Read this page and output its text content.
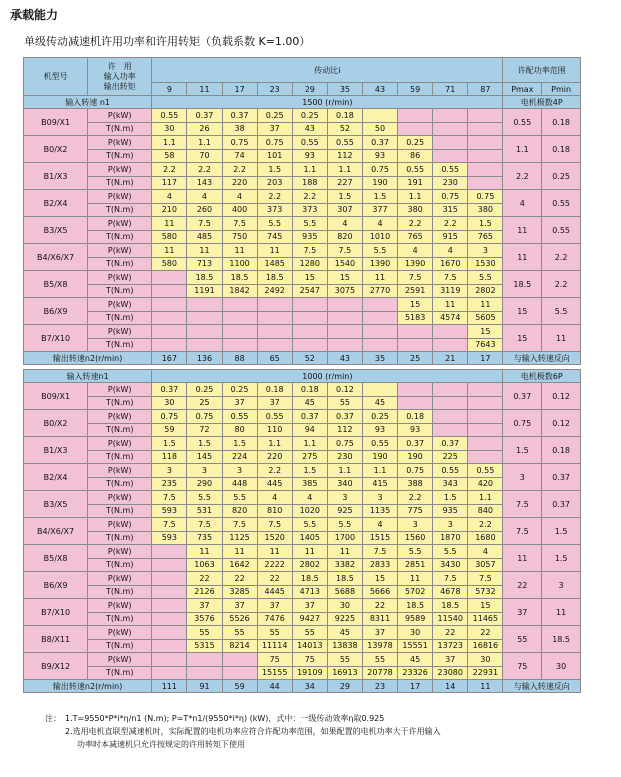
承载能力
单级传动减速机许用功率和许用转矩（负载系数 K=1.00）
机型号	许　用
输入功率
输出转矩	传动比i										许配功率范围	
		9	11	17	23	29	35	43	59	71	87	Pmax	Pmin
输入转速 n1		1500 (r/min)										电机极数4P	
B09/X1	P(kW)	0.55	0.37	0.37	0.25	0.25	0.18					0.55	0.18
	T(N.m)	30	26	38	37	43	52	50					
B0/X2	P(kW)	1.1	1.1	0.75	0.75	0.55	0.55	0.37	0.25			1.1	0.18
	T(N.m)	58	70	74	101	93	112	93	86				
B1/X3	P(kW)	2.2	2.2	2.2	1.5	1.1	1.1	0.75	0.55	0.55		2.2	0.25
	T(N.m)	117	143	220	203	188	227	190	191	230			
B2/X4	P(kW)	4	4	4	2.2	2.2	1.5	1.5	1.1	0.75	0.75	4	0.55
	T(N.m)	210	260	400	373	373	307	377	380	315	380		
B3/X5	P(kW)	11	7.5	7.5	5.5	5.5	4	4	2.2	2.2	1.5	11	0.55
	T(N.m)	580	485	750	745	935	820	1010	765	915	765		
B4/X6/X7	P(kW)	11	11	11	11	7.5	7.5	5.5	4	4	3	11	2.2
	T(N.m)	580	713	1100	1485	1280	1540	1390	1390	1670	1530		
B5/X8	P(kW)		18.5	18.5	18.5	15	15	11	7.5	7.5	5.5	18.5	2.2
	T(N.m)		1191	1842	2492	2547	3075	2770	2591	3119	2802		
B6/X9	P(kW)								15	11	11	15	5.5
	T(N.m)								5183	4574	5605		
B7/X10	P(kW)										15	15	11
	T(N.m)										7643		
输出转速n2(r/min)		167	136	88	65	52	43	35	25	21	17	与输入转速反向	

输入转速n1		1000 (r/min)										电机极数6P	
B09/X1	P(kW)	0.37	0.25	0.25	0.18	0.18	0.12					0.37	0.12
	T(N.m)	30	25	37	37	45	55	45					
B0/X2	P(kW)	0.75	0.75	0.55	0.55	0.37	0.37	0.25	0.18			0.75	0.12
	T(N.m)	59	72	80	110	94	112	93	93				
B1/X3	P(kW)	1.5	1.5	1.5	1.1	1.1	0.75	0.55	0.37	0.37		1.5	0.18
	T(N.m)	118	145	224	220	275	230	190	190	225			
B2/X4	P(kW)	3	3	3	2.2	1.5	1.1	1.1	0.75	0.55	0.55	3	0.37
	T(N.m)	235	290	448	445	385	340	415	388	343	420		
B3/X5	P(kW)	7.5	5.5	5.5	4	4	3	3	2.2	1.5	1.1	7.5	0.37
	T(N.m)	593	531	820	810	1020	925	1135	775	935	840		
B4/X6/X7	P(kW)	7.5	7.5	7.5	7.5	5.5	5.5	4	3	3	2.2	7.5	1.5
	T(N.m)	593	735	1125	1520	1405	1700	1515	1560	1870	1680		
B5/X8	P(kW)		11	11	11	11	11	7.5	5.5	5.5	4	11	1.5
	T(N.m)		1063	1642	2222	2802	3382	2833	2851	3430	3057		
B6/X9	P(kW)		22	22	22	18.5	18.5	15	11	7.5	7.5	22	3
	T(N.m)		2126	3285	4445	4713	5688	5666	5702	4678	5732		
B7/X10	P(kW)		37	37	37	37	30	22	18.5	18.5	15	37	11
	T(N.m)		3576	5526	7476	9427	9225	8311	9589	11540	11465		
B8/X11	P(kW)		55	55	55	55	45	37	30	22	22	55	18.5
	T(N.m)		5315	8214	11114	14013	13838	13978	15551	13723	16816		
B9/X12	P(kW)				75	75	55	55	45	37	30	75	30
	T(N.m)				15155	19109	16913	20778	23326	23080	22931		
输出转速n2(r/min)		111	91	59	44	34	29	23	17	14	11	与输入转速反向	
注： 1.T=9550*P*i*η/n1 (N.m); P=T*n1/(9550*i*η) (kW)，式中：一级传动效率η取0.925
2.选用电机直联型减速机时，实际配置的电机功率应符合许配功率范围，如果配置的电机功率大于许用输入
功率时本减速机只允许按规定的许用转矩下使用
